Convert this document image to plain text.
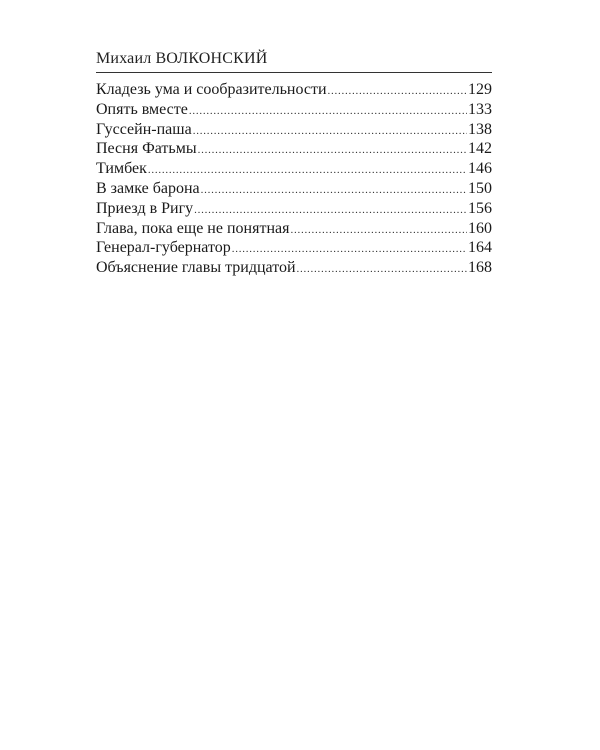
Михаил ВОЛКОНСКИЙ
Кладезь ума и сообразительности . . .	129
Опять вместе . . .	133
Гуссейн-паша . . .	138
Песня Фатьмы . . .	142
Тимбек . . .	146
В замке барона . . .	150
Приезд в Ригу . . .	156
Глава, пока еще не понятная . . .	160
Генерал-губернатор . . .	164
Объяснение главы тридцатой . . .	168
